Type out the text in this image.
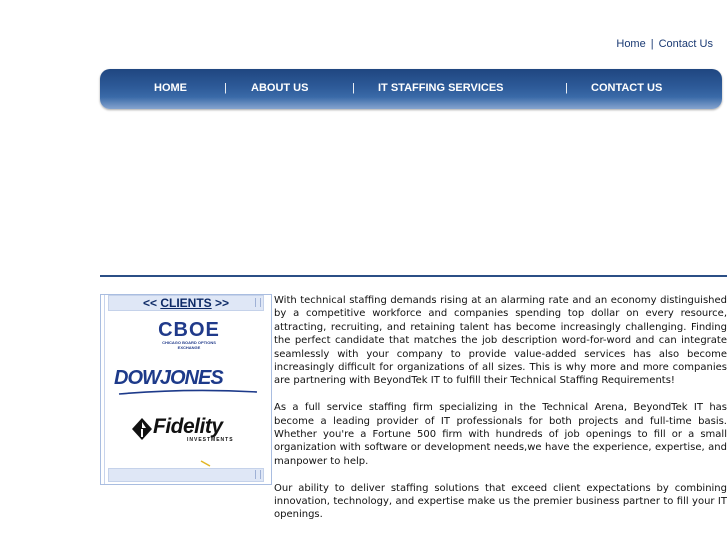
Home | Contact Us
HOME	| ABOUT US	| IT STAFFING SERVICES	| CONTACT US
<< CLIENTS >>
CBOE
CHICAGO BOARD OPTIONS EXCHANGE
DOWJONES
Fidelity
INVESTMENTS

With technical staffing demands rising at an alarming rate and an economy distinguished by a competitive workforce and companies spending top dollar on every resource, attracting, recruiting, and retaining talent has become increasingly challenging. Finding the perfect candidate that matches the job description word-for-word and can integrate seamlessly with your company to provide value-added services has also become increasingly difficult for organizations of all sizes. This is why more and more companies are partnering with BeyondTek IT to fulfill their Technical Staffing Requirements!

As a full service staffing firm specializing in the Technical Arena, BeyondTek IT has become a leading provider of IT professionals for both projects and full-time basis. Whether you're a Fortune 500 firm with hundreds of job openings to fill or a small organization with software or development needs,we have the experience, expertise, and manpower to help.

Our ability to deliver staffing solutions that exceed client expectations by combining innovation, technology, and expertise make us the premier business partner to fill your IT openings.
